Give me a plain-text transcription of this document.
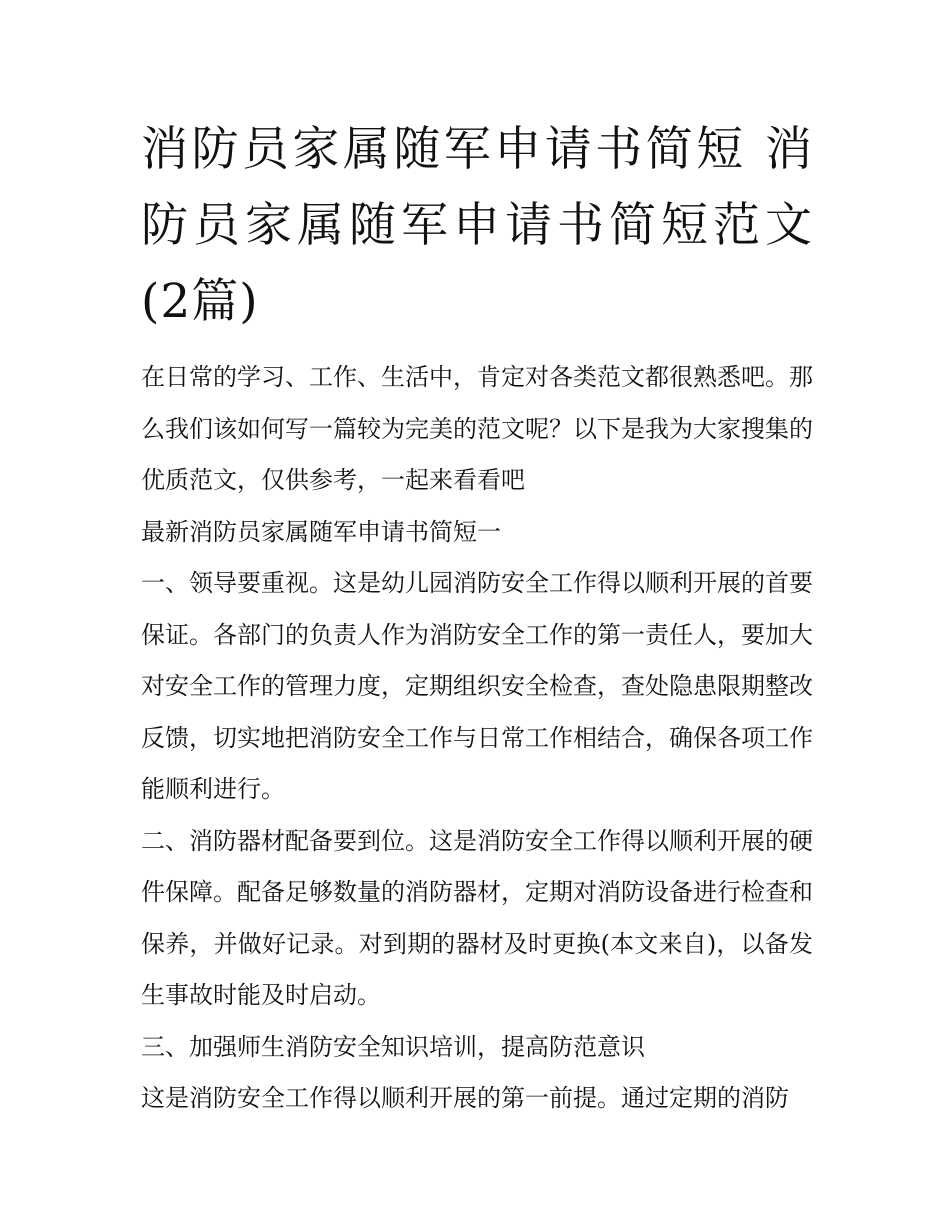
消防员家属随军申请书简短 消防员家属随军申请书简短范文(2篇)

在日常的学习、工作、生活中，肯定对各类范文都很熟悉吧。那么我们该如何写一篇较为完美的范文呢？以下是我为大家搜集的优质范文，仅供参考，一起来看看吧

最新消防员家属随军申请书简短一

一、领导要重视。这是幼儿园消防安全工作得以顺利开展的首要保证。各部门的负责人作为消防安全工作的第一责任人，要加大对安全工作的管理力度，定期组织安全检查，查处隐患限期整改反馈，切实地把消防安全工作与日常工作相结合，确保各项工作能顺利进行。

二、消防器材配备要到位。这是消防安全工作得以顺利开展的硬件保障。配备足够数量的消防器材，定期对消防设备进行检查和保养，并做好记录。对到期的器材及时更换(本文来自)，以备发生事故时能及时启动。

三、加强师生消防安全知识培训，提高防范意识

这是消防安全工作得以顺利开展的第一前提。通过定期的消防
